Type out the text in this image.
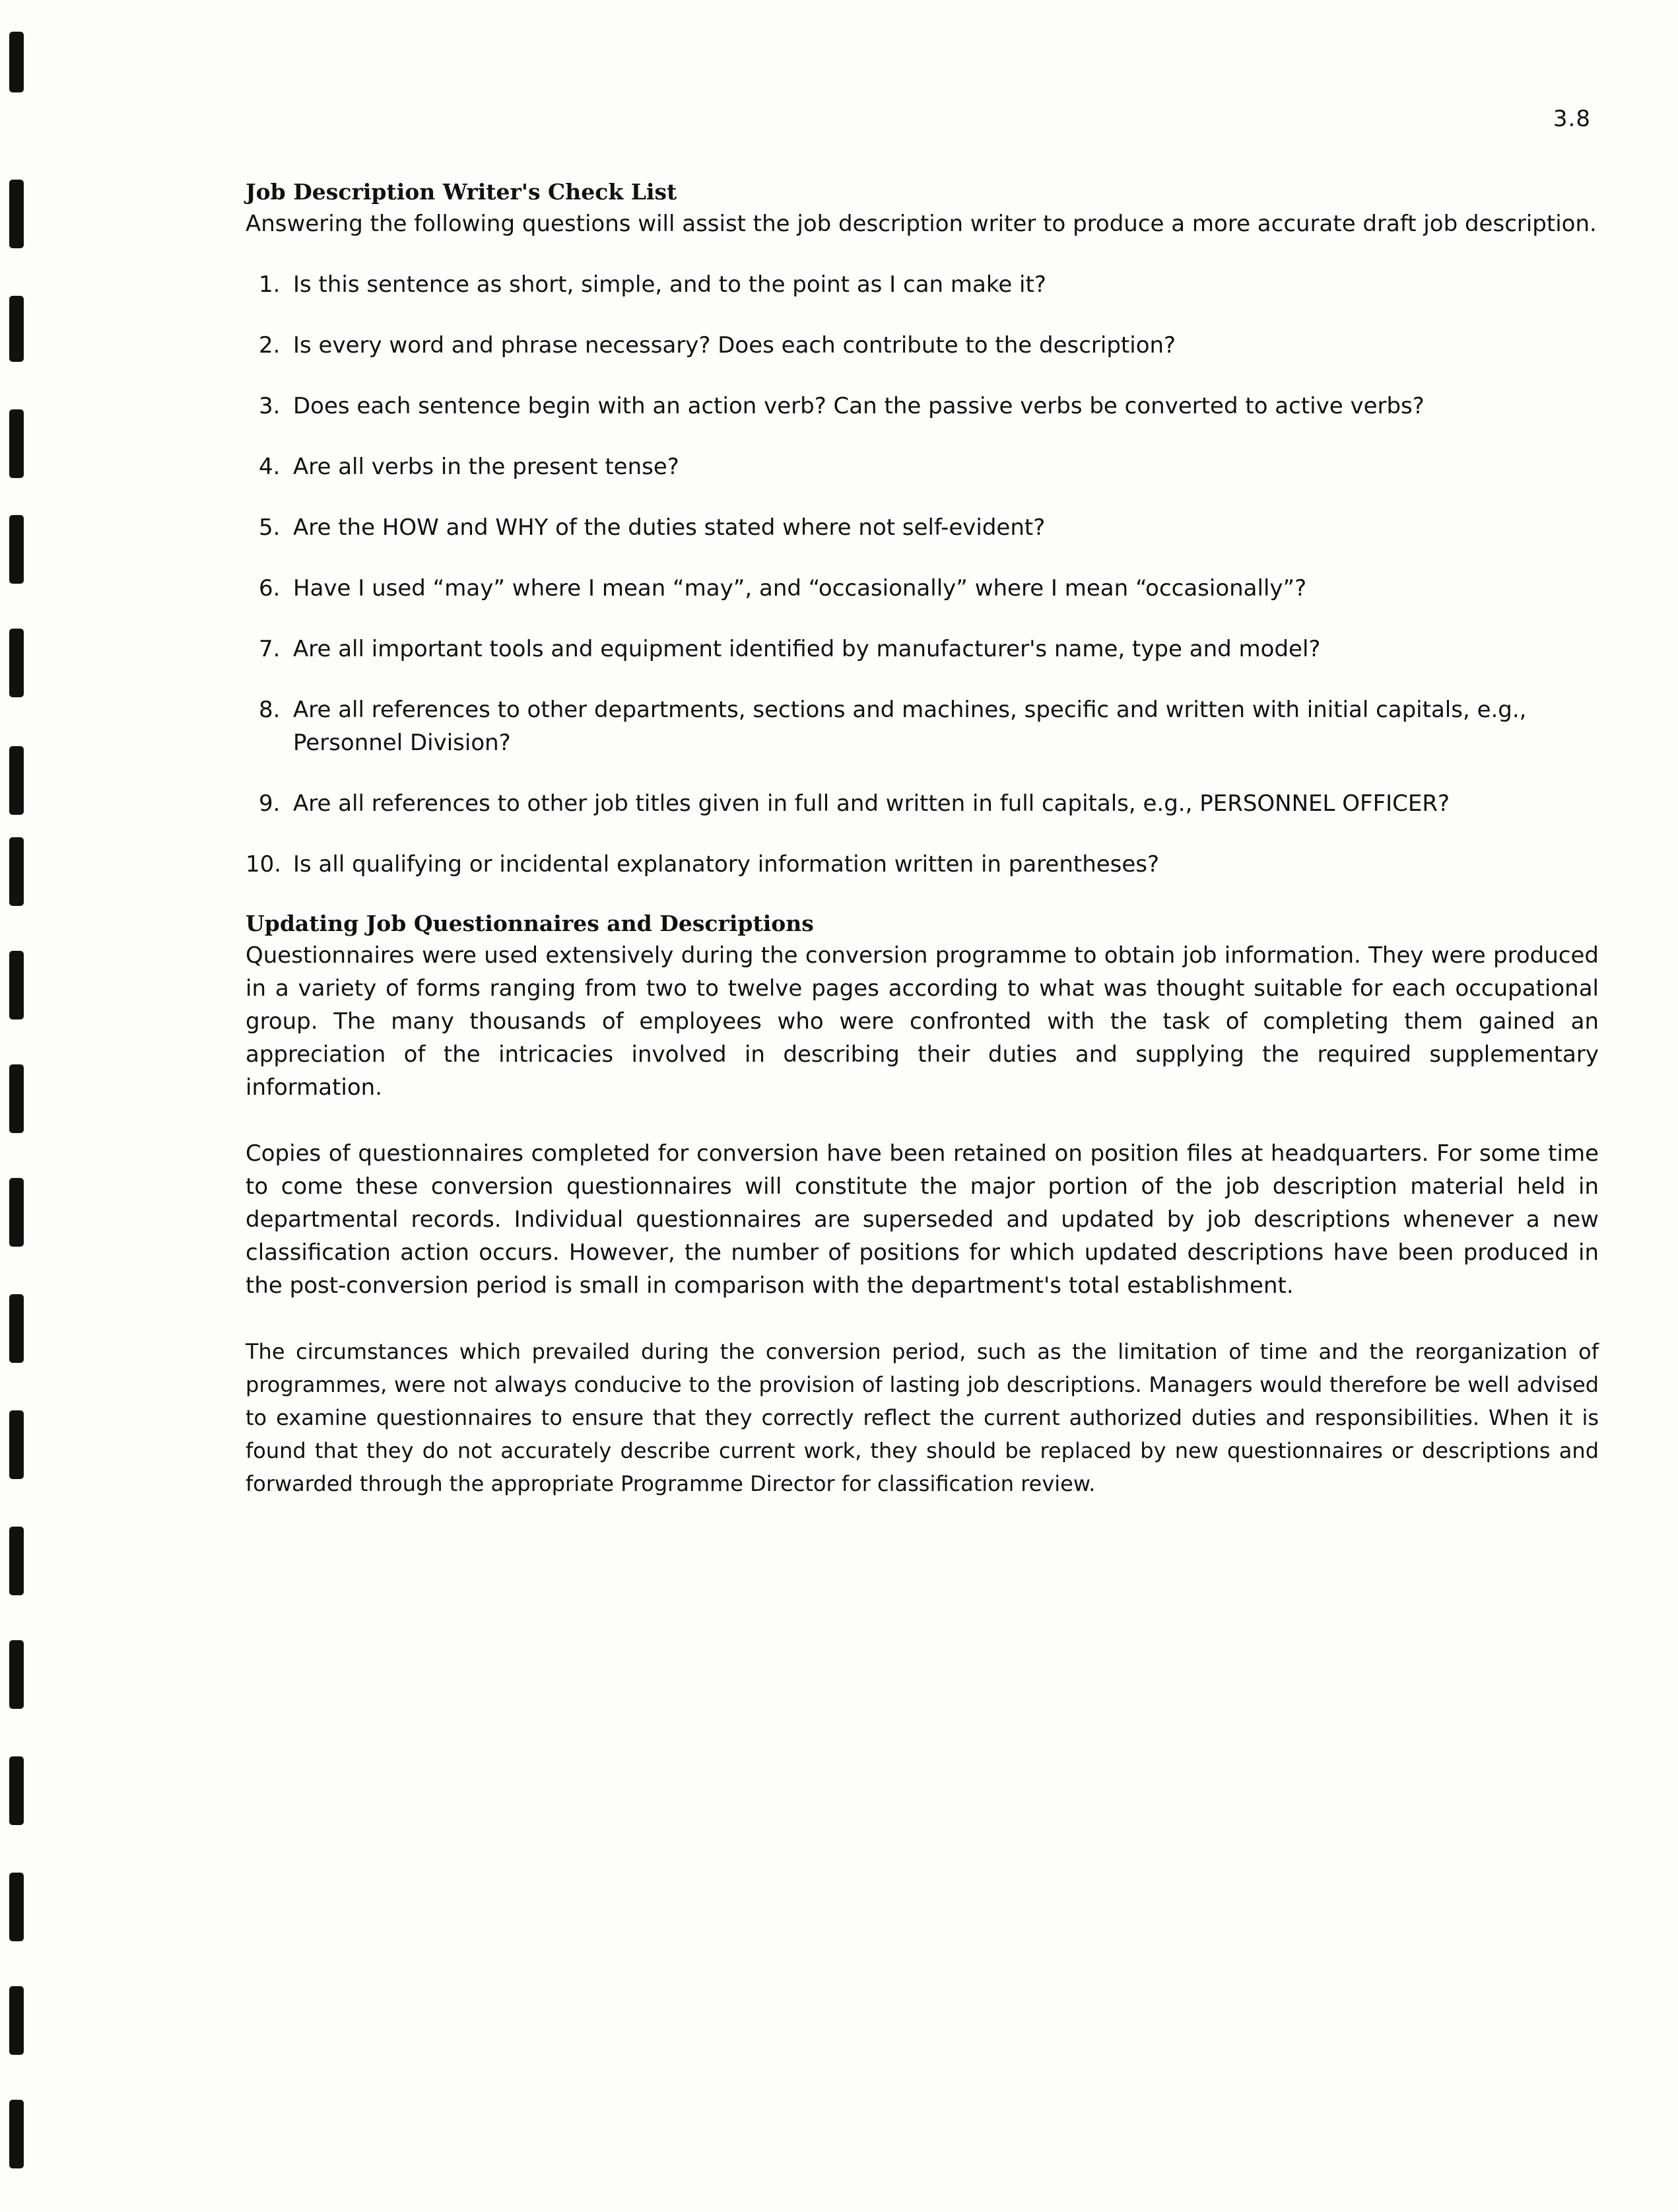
3.8
Job Description Writer's Check List

Answering the following questions will assist the job description writer to produce a more accurate draft job description.

1. Is this sentence as short, simple, and to the point as I can make it?
2. Is every word and phrase necessary? Does each contribute to the description?
3. Does each sentence begin with an action verb? Can the passive verbs be converted to active verbs?
4. Are all verbs in the present tense?
5. Are the HOW and WHY of the duties stated where not self-evident?
6. Have I used “may” where I mean “may”, and “occasionally” where I mean “occasionally”?
7. Are all important tools and equipment identified by manufacturer's name, type and model?
8. Are all references to other departments, sections and machines, specific and written with initial capitals, e.g., Personnel Division?
9. Are all references to other job titles given in full and written in full capitals, e.g., PERSONNEL OFFICER?
10. Is all qualifying or incidental explanatory information written in parentheses?
Updating Job Questionnaires and Descriptions

Questionnaires were used extensively during the conversion programme to obtain job information. They were produced in a variety of forms ranging from two to twelve pages according to what was thought suitable for each occupational group. The many thousands of employees who were confronted with the task of completing them gained an appreciation of the intricacies involved in describing their duties and supplying the required supplementary information.

Copies of questionnaires completed for conversion have been retained on position files at headquarters. For some time to come these conversion questionnaires will constitute the major portion of the job description material held in departmental records. Individual questionnaires are superseded and updated by job descriptions whenever a new classification action occurs. However, the number of positions for which updated descriptions have been produced in the post-conversion period is small in comparison with the department's total establishment.

The circumstances which prevailed during the conversion period, such as the limitation of time and the reorganization of programmes, were not always conducive to the provision of lasting job descriptions. Managers would therefore be well advised to examine questionnaires to ensure that they correctly reflect the current authorized duties and responsibilities. When it is found that they do not accurately describe current work, they should be replaced by new questionnaires or descriptions and forwarded through the appropriate Programme Director for classification review.
